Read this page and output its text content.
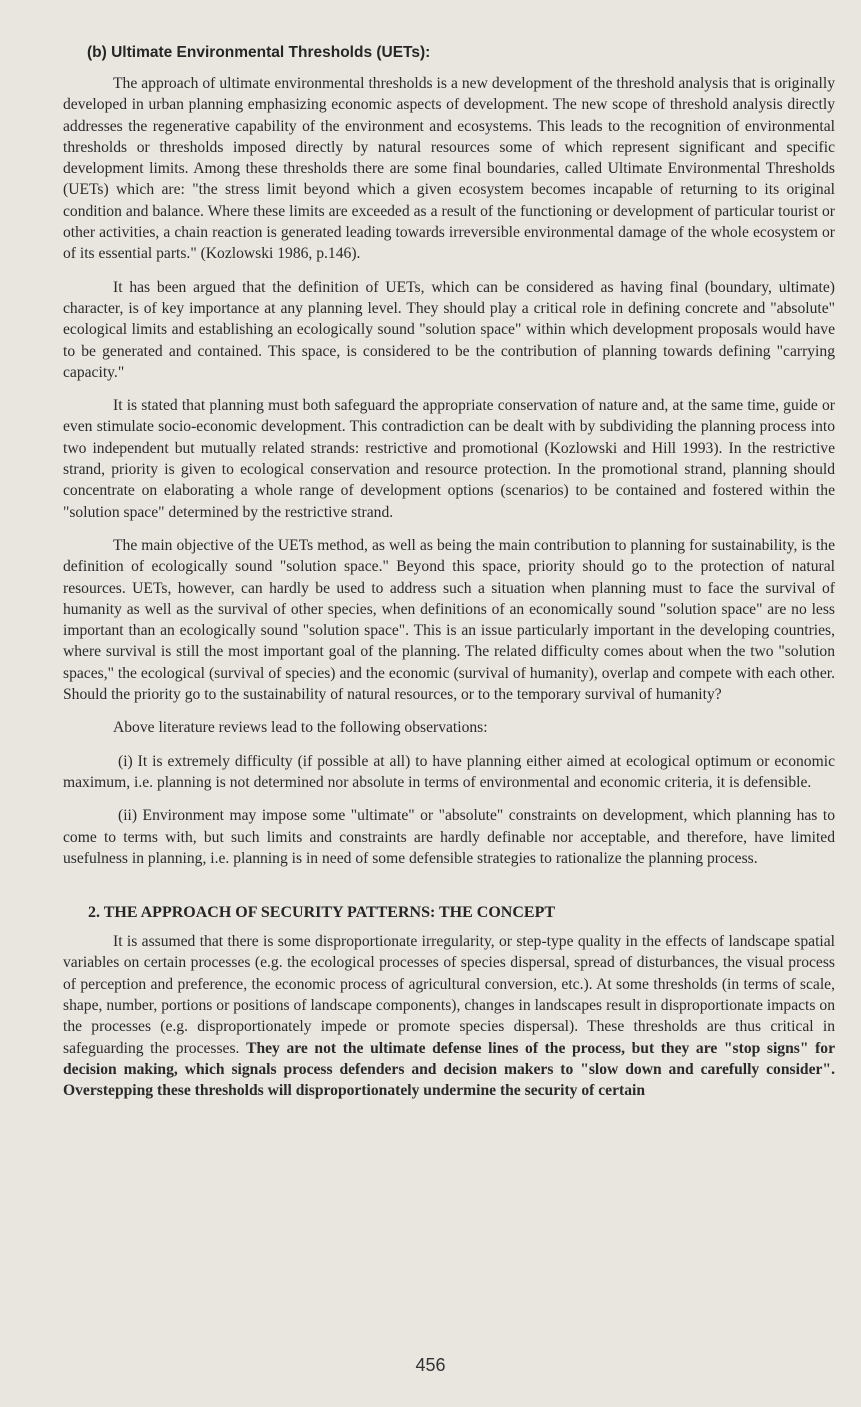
(b) Ultimate Environmental Thresholds (UETs):

The approach of ultimate environmental thresholds is a new development of the threshold analysis that is originally developed in urban planning emphasizing economic aspects of development. The new scope of threshold analysis directly addresses the regenerative capability of the environment and ecosystems. This leads to the recognition of environmental thresholds or thresholds imposed directly by natural resources some of which represent significant and specific development limits. Among these thresholds there are some final boundaries, called Ultimate Environmental Thresholds (UETs) which are: "the stress limit beyond which a given ecosystem becomes incapable of returning to its original condition and balance. Where these limits are exceeded as a result of the functioning or development of particular tourist or other activities, a chain reaction is generated leading towards irreversible environmental damage of the whole ecosystem or of its essential parts." (Kozlowski 1986, p.146).

It has been argued that the definition of UETs, which can be considered as having final (boundary, ultimate) character, is of key importance at any planning level. They should play a critical role in defining concrete and "absolute" ecological limits and establishing an ecologically sound "solution space" within which development proposals would have to be generated and contained. This space, is considered to be the contribution of planning towards defining "carrying capacity."

It is stated that planning must both safeguard the appropriate conservation of nature and, at the same time, guide or even stimulate socio-economic development. This contradiction can be dealt with by subdividing the planning process into two independent but mutually related strands: restrictive and promotional (Kozlowski and Hill 1993). In the restrictive strand, priority is given to ecological conservation and resource protection. In the promotional strand, planning should concentrate on elaborating a whole range of development options (scenarios) to be contained and fostered within the "solution space" determined by the restrictive strand.

The main objective of the UETs method, as well as being the main contribution to planning for sustainability, is the definition of ecologically sound "solution space." Beyond this space, priority should go to the protection of natural resources. UETs, however, can hardly be used to address such a situation when planning must to face the survival of humanity as well as the survival of other species, when definitions of an economically sound "solution space" are no less important than an ecologically sound "solution space". This is an issue particularly important in the developing countries, where survival is still the most important goal of the planning. The related difficulty comes about when the two "solution spaces," the ecological (survival of species) and the economic (survival of humanity), overlap and compete with each other. Should the priority go to the sustainability of natural resources, or to the temporary survival of humanity?

Above literature reviews lead to the following observations:

(i) It is extremely difficulty (if possible at all) to have planning either aimed at ecological optimum or economic maximum, i.e. planning is not determined nor absolute in terms of environmental and economic criteria, it is defensible.

(ii) Environment may impose some "ultimate" or "absolute" constraints on development, which planning has to come to terms with, but such limits and constraints are hardly definable nor acceptable, and therefore, have limited usefulness in planning, i.e. planning is in need of some defensible strategies to rationalize the planning process.

2. THE APPROACH OF SECURITY PATTERNS: THE CONCEPT

It is assumed that there is some disproportionate irregularity, or step-type quality in the effects of landscape spatial variables on certain processes (e.g. the ecological processes of species dispersal, spread of disturbances, the visual process of perception and preference, the economic process of agricultural conversion, etc.). At some thresholds (in terms of scale, shape, number, portions or positions of landscape components), changes in landscapes result in disproportionate impacts on the processes (e.g. disproportionately impede or promote species dispersal). These thresholds are thus critical in safeguarding the processes. They are not the ultimate defense lines of the process, but they are "stop signs" for decision making, which signals process defenders and decision makers to "slow down and carefully consider". Overstepping these thresholds will disproportionately undermine the security of certain

456
